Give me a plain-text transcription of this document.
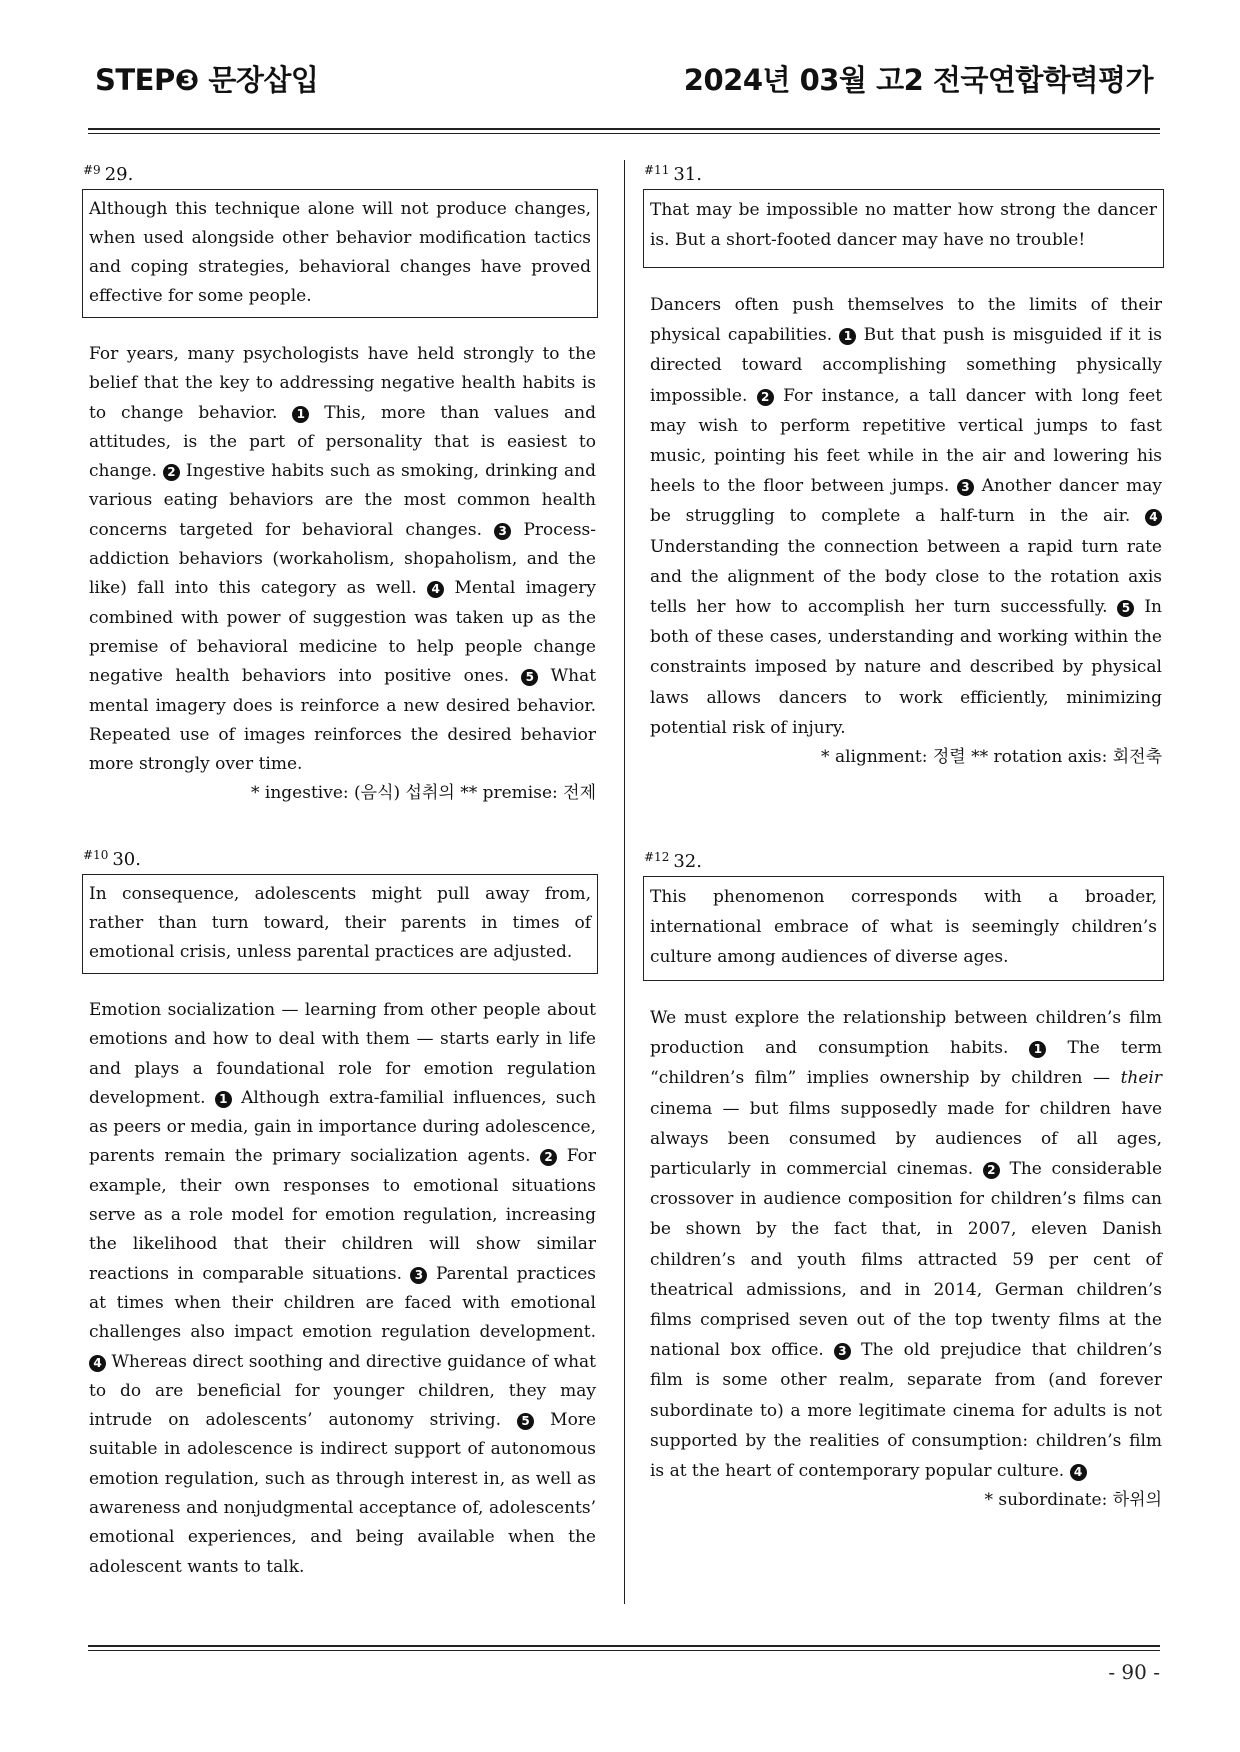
STEP❸ 문장삽입	2024년 03월 고2 전국연합학력평가
$^{\#9}$ 29.
Although this technique alone will not produce changes, when used alongside other behavior modification tactics and coping strategies, behavioral changes have proved effective for some people.
For years, many psychologists have held strongly to the belief that the key to addressing negative health habits is to change behavior. 1 This, more than values and attitudes, is the part of personality that is easiest to change. 2 Ingestive habits such as smoking, drinking and various eating behaviors are the most common health concerns targeted for behavioral changes. 3 Process-addiction behaviors (workaholism, shopaholism, and the like) fall into this category as well. 4 Mental imagery combined with power of suggestion was taken up as the premise of behavioral medicine to help people change negative health behaviors into positive ones. 5 What mental imagery does is reinforce a new desired behavior. Repeated use of images reinforces the desired behavior more strongly over time.
* ingestive: (음식) 섭취의 ** premise: 전제
$^{\#10}$ 30.
In consequence, adolescents might pull away from, rather than turn toward, their parents in times of emotional crisis, unless parental practices are adjusted.
Emotion socialization — learning from other people about emotions and how to deal with them — starts early in life and plays a foundational role for emotion regulation development. 1 Although extra-familial influences, such as peers or media, gain in importance during adolescence, parents remain the primary socialization agents. 2 For example, their own responses to emotional situations serve as a role model for emotion regulation, increasing the likelihood that their children will show similar reactions in comparable situations. 3 Parental practices at times when their children are faced with emotional challenges also impact emotion regulation development. 4 Whereas direct soothing and directive guidance of what to do are beneficial for younger children, they may intrude on adolescents’ autonomy striving. 5 More suitable in adolescence is indirect support of autonomous emotion regulation, such as through interest in, as well as awareness and nonjudgmental acceptance of, adolescents’ emotional experiences, and being available when the adolescent wants to talk.
$^{\#11}$ 31.
That may be impossible no matter how strong the dancer is. But a short-footed dancer may have no trouble!
Dancers often push themselves to the limits of their physical capabilities. 1 But that push is misguided if it is directed toward accomplishing something physically impossible. 2 For instance, a tall dancer with long feet may wish to perform repetitive vertical jumps to fast music, pointing his feet while in the air and lowering his heels to the floor between jumps. 3 Another dancer may be struggling to complete a half-turn in the air. 4 Understanding the connection between a rapid turn rate and the alignment of the body close to the rotation axis tells her how to accomplish her turn successfully. 5 In both of these cases, understanding and working within the constraints imposed by nature and described by physical laws allows dancers to work efficiently, minimizing potential risk of injury.
* alignment: 정렬 ** rotation axis: 회전축
$^{\#12}$ 32.
This phenomenon corresponds with a broader, international embrace of what is seemingly children’s culture among audiences of diverse ages.
We must explore the relationship between children’s film production and consumption habits. 1 The term “children’s film” implies ownership by children — their cinema — but films supposedly made for children have always been consumed by audiences of all ages, particularly in commercial cinemas. 2 The considerable crossover in audience composition for children’s films can be shown by the fact that, in 2007, eleven Danish children’s and youth films attracted 59 per cent of theatrical admissions, and in 2014, German children’s films comprised seven out of the top twenty films at the national box office. 3 The old prejudice that children’s film is some other realm, separate from (and forever subordinate to) a more legitimate cinema for adults is not supported by the realities of consumption: children’s film is at the heart of contemporary popular culture. 4
* subordinate: 하위의
- 90 -
